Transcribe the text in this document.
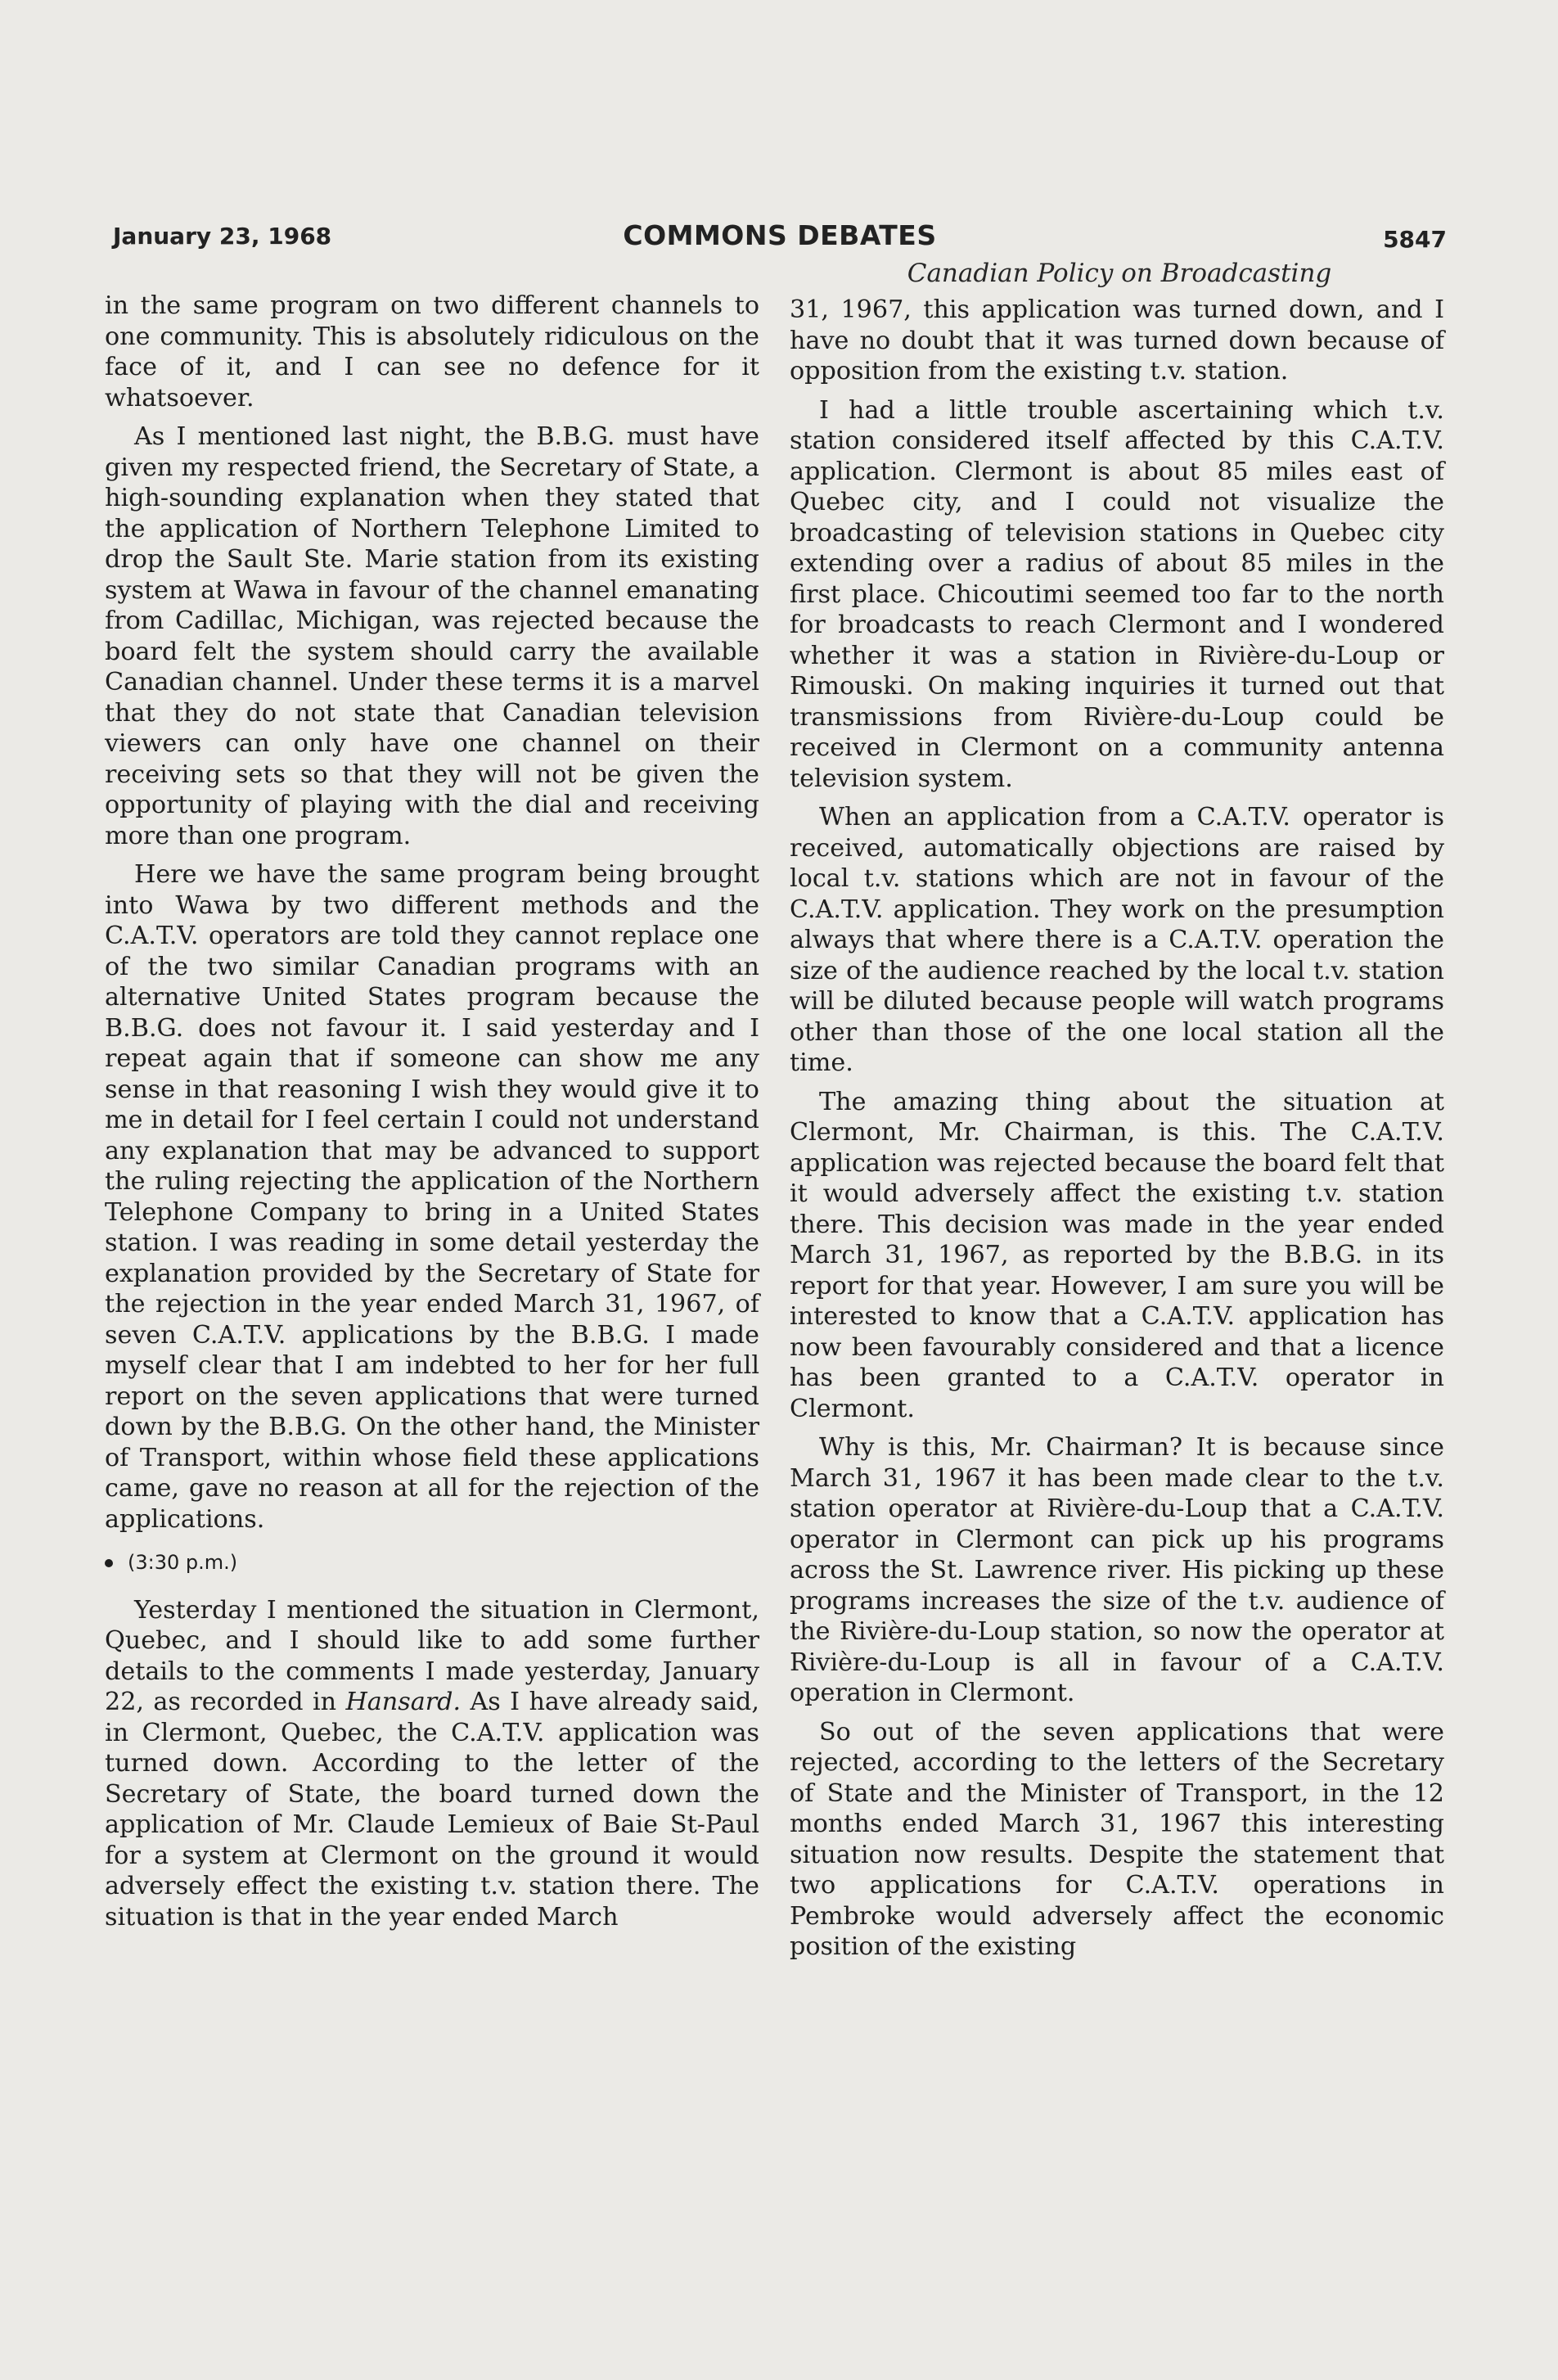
January 23, 1968	COMMONS DEBATES	5847
Canadian Policy on Broadcasting

in the same program on two different channels to one community. This is absolutely ridiculous on the face of it, and I can see no defence for it whatsoever.

As I mentioned last night, the B.B.G. must have given my respected friend, the Secretary of State, a high-sounding explanation when they stated that the application of Northern Telephone Limited to drop the Sault Ste. Marie station from its existing system at Wawa in favour of the channel emanating from Cadillac, Michigan, was rejected because the board felt the system should carry the available Canadian channel. Under these terms it is a marvel that they do not state that Canadian television viewers can only have one channel on their receiving sets so that they will not be given the opportunity of playing with the dial and receiving more than one program.

Here we have the same program being brought into Wawa by two different methods and the C.A.T.V. operators are told they cannot replace one of the two similar Canadian programs with an alternative United States program because the B.B.G. does not favour it. I said yesterday and I repeat again that if someone can show me any sense in that reasoning I wish they would give it to me in detail for I feel certain I could not understand any explanation that may be advanced to support the ruling rejecting the application of the Northern Telephone Company to bring in a United States station. I was reading in some detail yesterday the explanation provided by the Secretary of State for the rejection in the year ended March 31, 1967, of seven C.A.T.V. applications by the B.B.G. I made myself clear that I am indebted to her for her full report on the seven applications that were turned down by the B.B.G. On the other hand, the Minister of Transport, within whose field these applications came, gave no reason at all for the rejection of the applications.

(3:30 p.m.)

Yesterday I mentioned the situation in Clermont, Quebec, and I should like to add some further details to the comments I made yesterday, January 22, as recorded in Hansard. As I have already said, in Clermont, Quebec, the C.A.T.V. application was turned down. According to the letter of the Secretary of State, the board turned down the application of Mr. Claude Lemieux of Baie St-Paul for a system at Clermont on the ground it would adversely effect the existing t.v. station there. The situation is that in the year ended March

31, 1967, this application was turned down, and I have no doubt that it was turned down because of opposition from the existing t.v. station.

I had a little trouble ascertaining which t.v. station considered itself affected by this C.A.T.V. application. Clermont is about 85 miles east of Quebec city, and I could not visualize the broadcasting of television stations in Quebec city extending over a radius of about 85 miles in the first place. Chicoutimi seemed too far to the north for broadcasts to reach Clermont and I wondered whether it was a station in Rivière-du-Loup or Rimouski. On making inquiries it turned out that transmissions from Rivière-du-Loup could be received in Clermont on a community antenna television system.

When an application from a C.A.T.V. operator is received, automatically objections are raised by local t.v. stations which are not in favour of the C.A.T.V. application. They work on the presumption always that where there is a C.A.T.V. operation the size of the audience reached by the local t.v. station will be diluted because people will watch programs other than those of the one local station all the time.

The amazing thing about the situation at Clermont, Mr. Chairman, is this. The C.A.T.V. application was rejected because the board felt that it would adversely affect the existing t.v. station there. This decision was made in the year ended March 31, 1967, as reported by the B.B.G. in its report for that year. However, I am sure you will be interested to know that a C.A.T.V. application has now been favourably considered and that a licence has been granted to a C.A.T.V. operator in Clermont.

Why is this, Mr. Chairman? It is because since March 31, 1967 it has been made clear to the t.v. station operator at Rivière-du-Loup that a C.A.T.V. operator in Clermont can pick up his programs across the St. Lawrence river. His picking up these programs increases the size of the t.v. audience of the Rivière-du-Loup station, so now the operator at Rivière-du-Loup is all in favour of a C.A.T.V. operation in Clermont.

So out of the seven applications that were rejected, according to the letters of the Secretary of State and the Minister of Transport, in the 12 months ended March 31, 1967 this interesting situation now results. Despite the statement that two applications for C.A.T.V. operations in Pembroke would adversely affect the economic position of the existing
